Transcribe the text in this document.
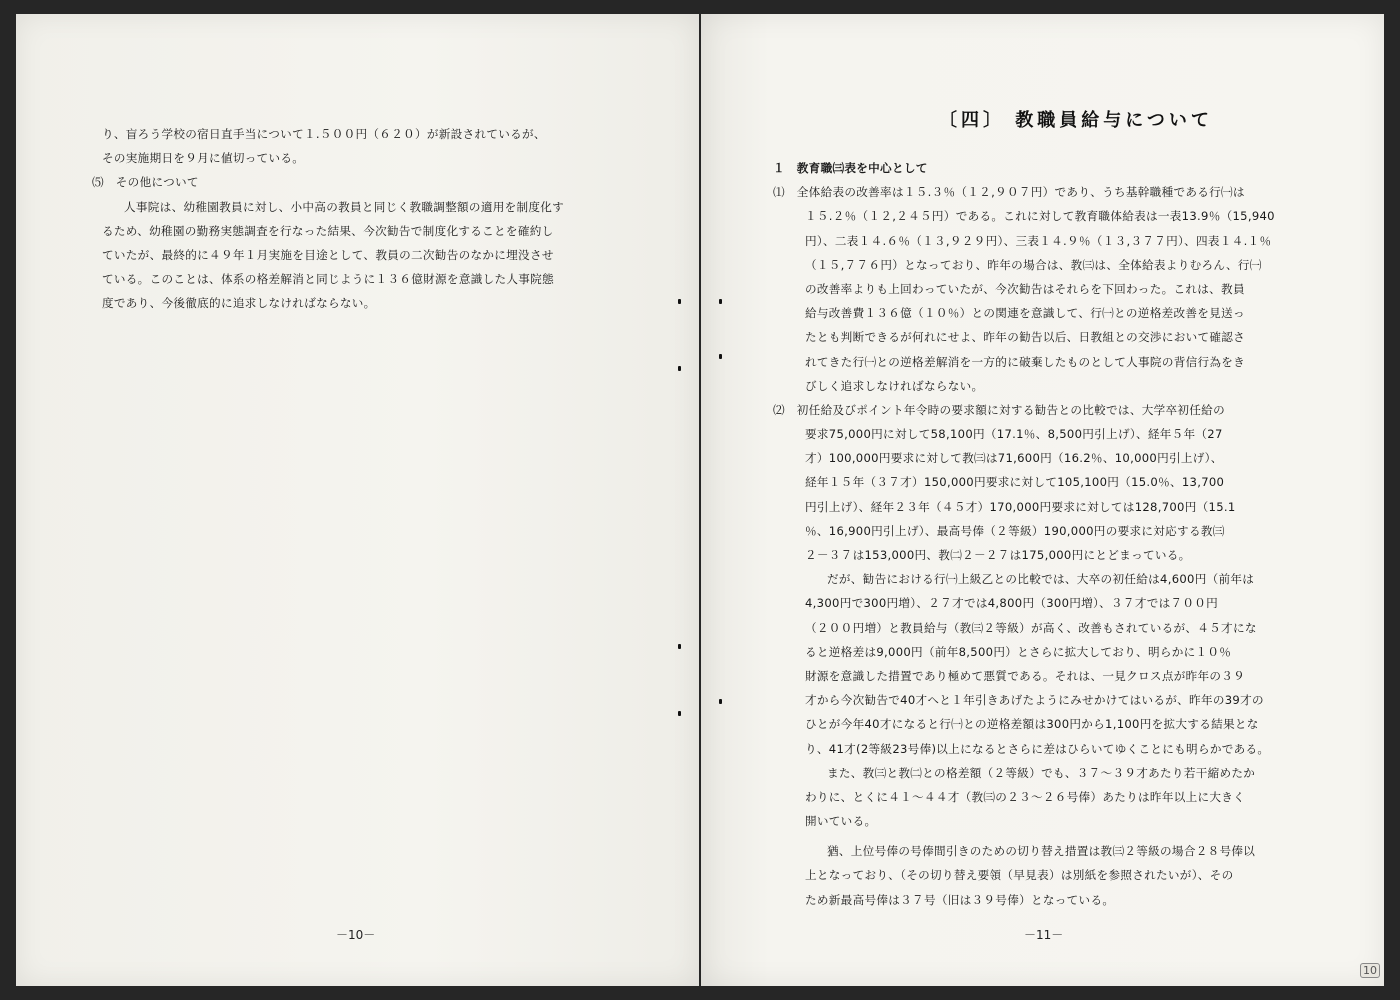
り、盲ろう学校の宿日直手当について１.５００円（６２０）が新設されているが、
その実施期日を９月に値切っている。
⑸　その他について
人事院は、幼稚園教員に対し、小中高の教員と同じく教職調整額の適用を制度化す
るため、幼稚園の勤務実態調査を行なった結果、今次勧告で制度化することを確約し
ていたが、最終的に４９年１月実施を目途として、教員の二次勧告のなかに埋没させ
ている。このことは、体系の格差解消と同じように１３６億財源を意識した人事院態
度であり、今後徹底的に追求しなければならない。
－10－
〔四〕 教職員給与について
１　教育職㈢表を中心として
⑴　全体給表の改善率は１５.３％（１２,９０７円）であり、うち基幹職種である行㈠は
１５.２％（１２,２４５円）である。これに対して教育職体給表は一表13.9％（15,940
円）、二表１４.６％（１３,９２９円）、三表１４.９％（１３,３７７円）、四表１４.１％
（１５,７７６円）となっており、昨年の場合は、教㈢は、全体給表よりむろん、行㈠
の改善率よりも上回わっていたが、今次勧告はそれらを下回わった。これは、教員
給与改善費１３６億（１０％）との関連を意識して、行㈠との逆格差改善を見送っ
たとも判断できるが何れにせよ、昨年の勧告以后、日教組との交渉において確認さ
れてきた行㈠との逆格差解消を一方的に破棄したものとして人事院の背信行為をき
びしく追求しなければならない。
⑵　初任給及びポイント年令時の要求額に対する勧告との比較では、大学卒初任給の
要求75,000円に対して58,100円（17.1％、8,500円引上げ）、経年５年（27
才）100,000円要求に対して教㈢は71,600円（16.2％、10,000円引上げ）、
経年１５年（３７才）150,000円要求に対して105,100円（15.0％、13,700
円引上げ）、経年２３年（４５才）170,000円要求に対しては128,700円（15.1
％、16,900円引上げ）、最高号俸（２等級）190,000円の要求に対応する教㈢
２－３７は153,000円、教㈡２－２７は175,000円にとどまっている。
だが、勧告における行㈠上級乙との比較では、大卒の初任給は4,600円（前年は
4,300円で300円増）、２７才では4,800円（300円増）、３７才では７００円
（２００円増）と教員給与（教㈢２等級）が高く、改善もされているが、４５才にな
ると逆格差は9,000円（前年8,500円）とさらに拡大しており、明らかに１０％
財源を意識した措置であり極めて悪質である。それは、一見クロス点が昨年の３９
才から今次勧告で40才へと１年引きあげたようにみせかけてはいるが、昨年の39才の
ひとが今年40才になると行㈠との逆格差額は300円から1,100円を拡大する結果とな
り、41才(2等級23号俸)以上になるとさらに差はひらいてゆくことにも明らかである。
また、教㈢と教㈡との格差額（２等級）でも、３７～３９才あたり若干縮めたか
わりに、とくに４１～４４才（教㈢の２３～２６号俸）あたりは昨年以上に大きく
開いている。
猶、上位号俸の号俸間引きのための切り替え措置は教㈢２等級の場合２８号俸以
上となっており、（その切り替え要領（早見表）は別紙を参照されたいが）、その
ため新最高号俸は３７号（旧は３９号俸）となっている。
－11－
10
